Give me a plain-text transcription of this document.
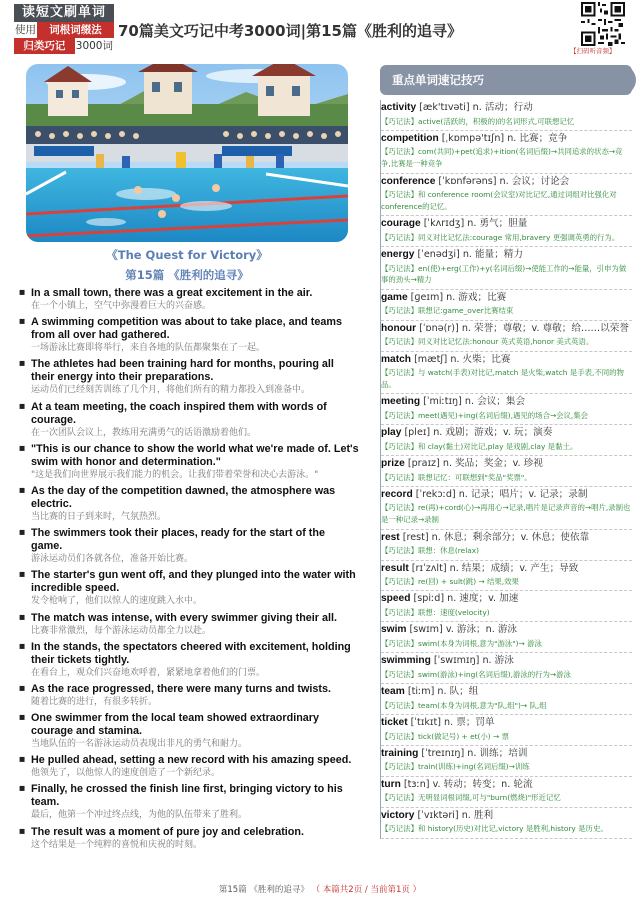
读短文刷单词
使用	词根词缀法
归类巧记 3000词
70篇美文巧记中考3000词|第15篇《胜利的追寻》
【扫码听音频】
《The Quest for Victory》
第15篇 《胜利的追寻》
■ In a small town, there was a great excitement in the air.
在一个小镇上，空气中弥漫着巨大的兴奋感。
■ A swimming competition was about to take place, and teams from all over had gathered.
一场游泳比赛即将举行，来自各地的队伍都聚集在了一起。
■ The athletes had been training hard for months, pouring all their energy into their preparations.
运动员们已经刻苦训练了几个月，将他们所有的精力都投入到准备中。
■ At a team meeting, the coach inspired them with words of courage.
在一次团队会议上，教练用充满勇气的话语激励着他们。
■ "This is our chance to show the world what we're made of. Let's swim with honor and determination."
"这是我们向世界展示我们能力的机会。让我们带着荣誉和决心去游泳。"
■ As the day of the competition dawned, the atmosphere was electric.
当比赛的日子到来时，气氛热烈。
■ The swimmers took their places, ready for the start of the game.
游泳运动员们各就各位，准备开始比赛。
■ The starter's gun went off, and they plunged into the water with incredible speed.
发令枪响了，他们以惊人的速度跳入水中。
■ The match was intense, with every swimmer giving their all.
比赛非常激烈，每个游泳运动员都全力以赴。
■ In the stands, the spectators cheered with excitement, holding their tickets tightly.
在看台上，观众们兴奋地欢呼着，紧紧地拿着他们的门票。
■ As the race progressed, there were many turns and twists.
随着比赛的进行，有很多转折。
■ One swimmer from the local team showed extraordinary courage and stamina.
当地队伍的一名游泳运动员表现出非凡的勇气和耐力。
■ He pulled ahead, setting a new record with his amazing speed.
他领先了，以他惊人的速度创造了一个新纪录。
■ Finally, he crossed the finish line first, bringing victory to his team.
最后，他第一个冲过终点线，为他的队伍带来了胜利。
■ The result was a moment of pure joy and celebration.
这个结果是一个纯粹的喜悦和庆祝的时刻。
重点单词速记技巧
activity [æk'tɪvəti] n. 活动；行动
【巧记法】active(活跃的，积极的)的名词形式,可联想记忆
competition [ˌkɒmpə'tɪʃn] n. 比赛；竞争
【巧记法】com(共同)+pet(追求)+ition(名词后缀)→共同追求的状态→竞争,比赛是一种竞争
conference [ˈkɒnfərəns] n. 会议；讨论会
【巧记法】和 conference room(会议室)对比记忆,通过词组对比强化对conference的记忆。
courage [ˈkʌrɪdʒ] n. 勇气；胆量
【巧记法】同义对比记忆法:courage 常用,bravery 更强调英勇的行为。
energy [ˈenədʒi] n. 能量；精力
【巧记法】en(使)+erg(工作)+y(名词后缀)→使能工作的→能量，引申为做事的劲头→精力
game [ɡeɪm] n. 游戏；比赛
【巧记法】联想记:game_over比赛结束
honour [ˈɒnə(r)] n. 荣誉；尊敬；v. 尊敬；给……以荣誉
【巧记法】同义对比记忆法:honour 英式英语,honor 美式英语。
match [mætʃ] n. 火柴；比赛
【巧记法】与 watch(手表)对比记,match 是火柴,watch 是手表,不同的物品。
meeting [ˈmiːtɪŋ] n. 会议；集会
【巧记法】meet(遇见)+ing(名词后缀),遇见的场合→会议,集会
play [pleɪ] n. 戏剧；游戏；v. 玩；演奏
【巧记法】和 clay(黏土)对比记,play 是戏剧,clay 是黏土。
prize [praɪz] n. 奖品；奖金；v. 珍视
【巧记法】联想记忆：可联想到"奖品"奖票"。
record [ˈrekɔːd] n. 记录；唱片；v. 记录；录制
【巧记法】re(再)+cord(心)→再用心→记录,唱片是记录声音的→唱片,录制也是一种记录→录制
rest [rest] n. 休息；剩余部分；v. 休息；使依靠
【巧记法】联想：休息(relax)
result [rɪˈzʌlt] n. 结果；成绩；v. 产生；导致
【巧记法】re(回) + sult(跳) → 结果,效果
speed [spiːd] n. 速度；v. 加速
【巧记法】联想：速度(velocity)
swim [swɪm] v. 游泳；n. 游泳
【巧记法】swim(本身为词根,意为"游泳")→ 游泳
swimming [ˈswɪmɪŋ] n. 游泳
【巧记法】swim(游泳)+ing(名词后缀),游泳的行为→游泳
team [tiːm] n. 队；组
【巧记法】team(本身为词根,意为"队,组")→ 队,组
ticket [ˈtɪkɪt] n. 票；罚单
【巧记法】tick(做记号) + et(小) → 票
training [ˈtreɪnɪŋ] n. 训练；培训
【巧记法】train(训练)+ing(名词后缀)→训练
turn [tɜːn] v. 转动；转变；n. 轮流
【巧记法】无明显词根词缀,可与"burn(燃烧)"形近记忆
victory [ˈvɪktəri] n. 胜利
【巧记法】和 history(历史)对比记,victory 是胜利,history 是历史。
第15篇 《胜利的追寻》 （ 本篇共2页 / 当前第1页 ）
